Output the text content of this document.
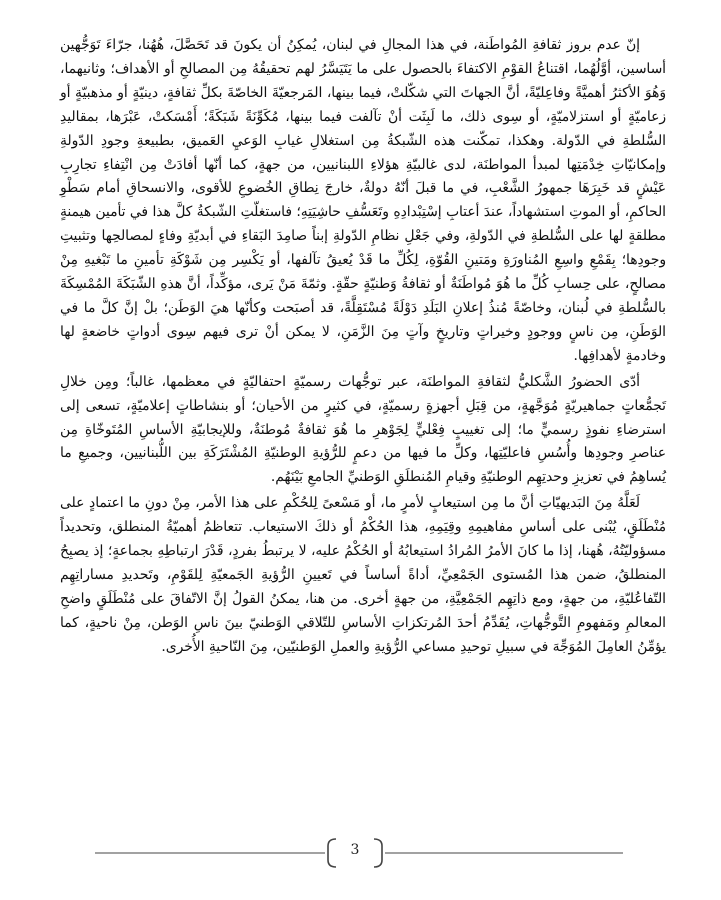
إنّ عدم بروز ثقافةِ المُواطَنة، في هذا المجالِ في لبنان، يُمكِنُ أن يكونَ قد تَحَصَّلَ، هُهُنا، جرّاءَ تَوَجُّهين أساسين، أوَّلُهُما، اقتناعُ القوْمِ الاكتفاءَ بالحصول على ما يَتَيَسَّرُ لهم تحقيقُهُ مِن المصالحِ أو الأهداف؛ وثانيهما، وَهُوَ الأكثرُ أهميَّةً وفاعِليّةً، أنَّ الجهاتَ التي شكّلتْ، فيما بينها، المَرجعيّةَ الخاصّةَ بكلِّ ثقافةٍ، دينيّةٍ أو مذهبيّةٍ أو زعاميّةٍ أو استزلاميّةٍ، أو سِوى ذلك، ما لَبِثَت أنْ تآلفت فيما بينها، مُكَوِّنَةً شَبَكَةً؛ أَمْسَكتْ، عَبْرَها، بمقاليدِ السُّلطةِ في الدّولة. وهكذا، تمكّنت هذه الشّبكةُ مِن استغلالِ غيابِ الوَعيِ العَميق، بطبيعةِ وجودِ الدّولةِ وإمكانيّاتِ خِدْمَتِها لمبدأ المواطنَة، لدى غالبيّةِ هؤلاءِ اللبنانيين، من جهةٍ، كما أنّها أفادَتْ مِن انْتِفاءِ تجارِبِ عَيْشٍ قد خَبِرَهَا جمهورُ الشَّعْبِ، في ما قبلَ أنّهُ دولةٌ، خارجَ نِطاقِ الخُضوعِ للأقوى، والانسحاقِ أمام سَطْوِ الحاكمِ، أو الموتِ استشهاداً، عندَ أعتابِ إسْتِبْدادِهِ وتَعَسُّفِ حاشِيَتِهِ؛ فاستغلّتِ الشّبكةُ كلَّ هذا في تأمين هيمنةٍ مطلقةٍ لها على السُّلطةِ في الدّولةِ، وفي جَعْلِ نظامِ الدّولةِ إبناً صامِدَ البَقاءِ في أبديّةِ وفاءٍ لمصالحِها وتثبيتِ وجودِها؛ بِقَمْعِ واسِعِ المُناورَةِ ومَتينِ القُوّةِ، لِكُلِّ ما قَدْ يُعيقُ تآلفها، أو يَكْسِر مِن شَوْكَةِ تأمينِ ما تَبْغيهِ مِنْ مصالحٍ، على حِسابِ كُلِّ ما هُوَ مُواطَنَةٌ أو ثقافةُ وَطنيّةٍ حقّةٍ. وثمّةَ مَنْ يَرى، مؤكِّداً، أنَّ هذهِ الشّبَكَةَ المُمْسِكَةَ بالسُّلطةِ في لُبنان، وخاصّةً مُنذُ إعلانِ البَلَدِ دَوْلَةً مُسْتَقِلَّةً، قد أصبَحت وكأنّها هيَ الوَطَن؛ بلْ إنَّ كلَّ ما في الوَطَنِ، مِن ناسٍ ووجودٍ وخيراتٍ وتاريخٍ وآتٍ مِنَ الزَّمَنِ، لا يمكن أنْ ترى فيهم سِوى أدواتٍ خاضعةٍ لها وخادمةٍ لأهدافِها.

أدّى الحضورُ الشَّكليُّ لثقافةِ المواطنَة، عبر توجُّهات رسميّةٍ احتفاليّةٍ في معظمها، غالباً؛ ومِن خلالِ تَجمُّعاتٍ جماهيريّةٍ مُوَجَّهةٍ، من قِبَلِ أجهزةٍ رسميّةٍ، في كثيرٍ من الأحيان؛ أو بنشاطاتٍ إعلاميّةٍ، تسعى إلى استرضاءِ نفوذٍ رسميٍّ ما؛ إلى تغييبٍ فِعْليٍّ لِجَوْهرِ ما هُوَ ثقافةٌ مُوطنَةٌ، وللإيجابيّةِ الأساسِ المُتَوخّاةِ مِن عناصرِ وجودِها وأُسُسِ فاعليّتِها، وكلِّ ما فيها من دعمٍ للرُّؤيةِ الوطنيّةِ المُشْتَرَكَةِ بين اللُّبنانيين، وجميعِ ما يُساهِمُ في تعزيزِ وحدتِهِم الوطنيّةِ وقيامِ المُنطلَقِ الوَطنيِّ الجامعِ بَيْنَهُم.

لَعَلَّهُ مِنَ البَديهيّاتِ أنَّ ما مِن استيعابٍ لأمرٍ ما، أو مَسْعىً لِلحُكْمِ على هذا الأمر، مِنْ دونِ ما اعتمادٍ على مُنْطَلَقٍ، يُبْنى على أساسِ مفاهيمِهِ وقِيَمِهِ، هذا الحُكْمُ أو ذلكَ الاستيعاب. تتعاظمُ أهميّةُ المنطلق، وتحديداً مسؤوليّتُهُ، هُهنا، إذا ما كانَ الأمرُ المُرادُ استيعابُهُ أو الحُكْمُ عليه، لا يرتبطُ بفردٍ، قَدْرَ ارتباطِهِ بجماعةٍ؛ إذ يصبِحُ المنطلقُ، ضمن هذا المُستوى الجَمْعِيِّ، أداةً أساساً في تَعيينِ الرُّؤيةِ الجَمعيّةِ لِلقَوْمِ، وتَحديدِ مساراتِهِم التّفاعُليّةِ، من جهةٍ، ومع ذاتِهِم الجَمْعِيَّةِ، من جهةٍ أخرى. من هنا، يمكنُ القولُ إنَّ الاتّفاقَ على مُنْطَلَقٍ واضحِ المعالمِ ومَفهومِ التَّوجُّهاتِ، يُقَدِّمُ أحدَ المُرتكزاتِ الأساسِ للتّلاقي الوَطنيّ بينَ ناسِ الوَطن، مِنْ ناحيةٍ، كما يؤمِّنُ العامِلَ المُوَجِّهَ في سبيلِ توحيدِ مساعي الرُّؤيةِ والعملِ الوَطنيّين، مِنَ النّاحيةِ الأُخرى.

3
